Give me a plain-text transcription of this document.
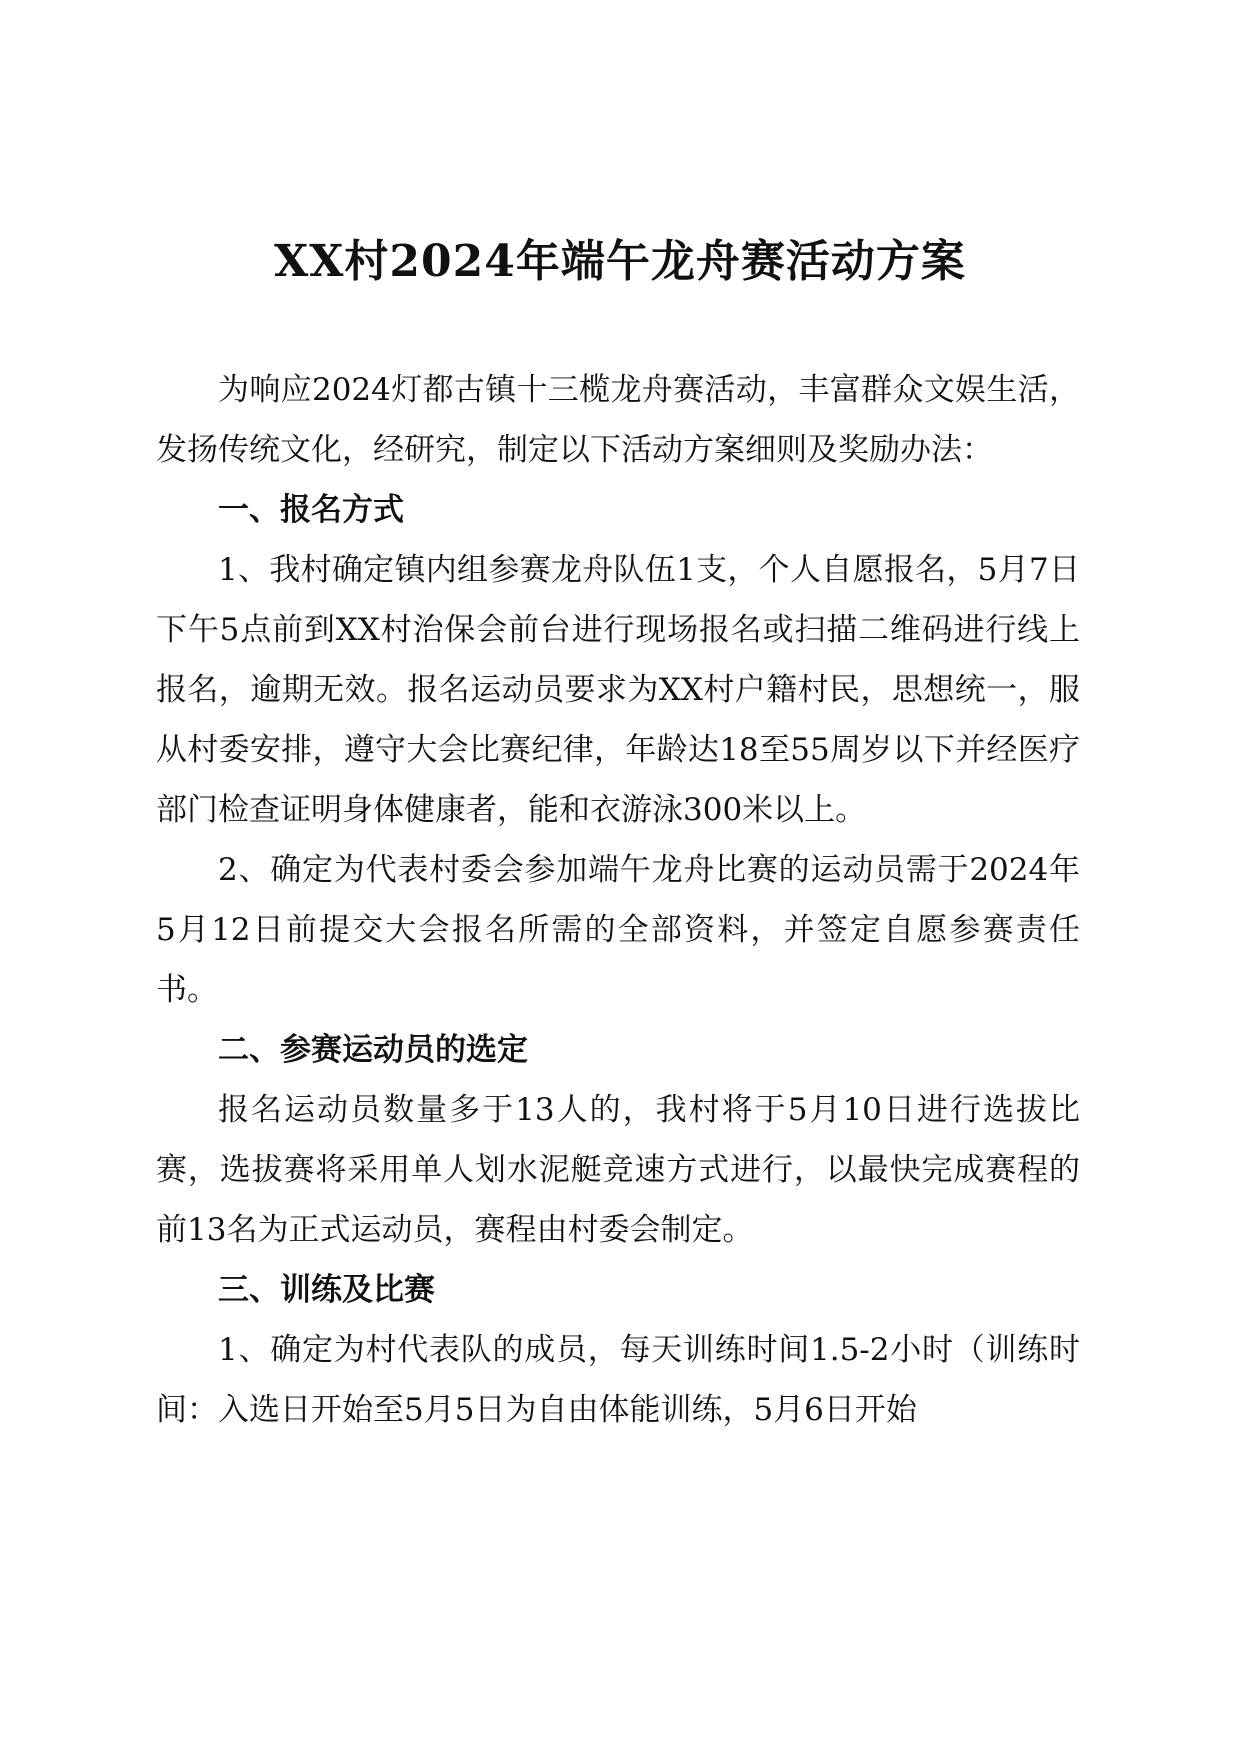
XX村2024年端午龙舟赛活动方案

为响应2024灯都古镇十三榄龙舟赛活动，丰富群众文娱生活，发扬传统文化，经研究，制定以下活动方案细则及奖励办法：

一、报名方式

1、我村确定镇内组参赛龙舟队伍1支，个人自愿报名，5月7日下午5点前到XX村治保会前台进行现场报名或扫描二维码进行线上报名，逾期无效。报名运动员要求为XX村户籍村民，思想统一，服从村委安排，遵守大会比赛纪律，年龄达18至55周岁以下并经医疗部门检查证明身体健康者，能和衣游泳300米以上。

2、确定为代表村委会参加端午龙舟比赛的运动员需于2024年5月12日前提交大会报名所需的全部资料，并签定自愿参赛责任书。

二、参赛运动员的选定

报名运动员数量多于13人的，我村将于5月10日进行选拔比赛，选拔赛将采用单人划水泥艇竞速方式进行，以最快完成赛程的前13名为正式运动员，赛程由村委会制定。

三、训练及比赛

1、确定为村代表队的成员，每天训练时间1.5-2小时（训练时间：入选日开始至5月5日为自由体能训练，5月6日开始
